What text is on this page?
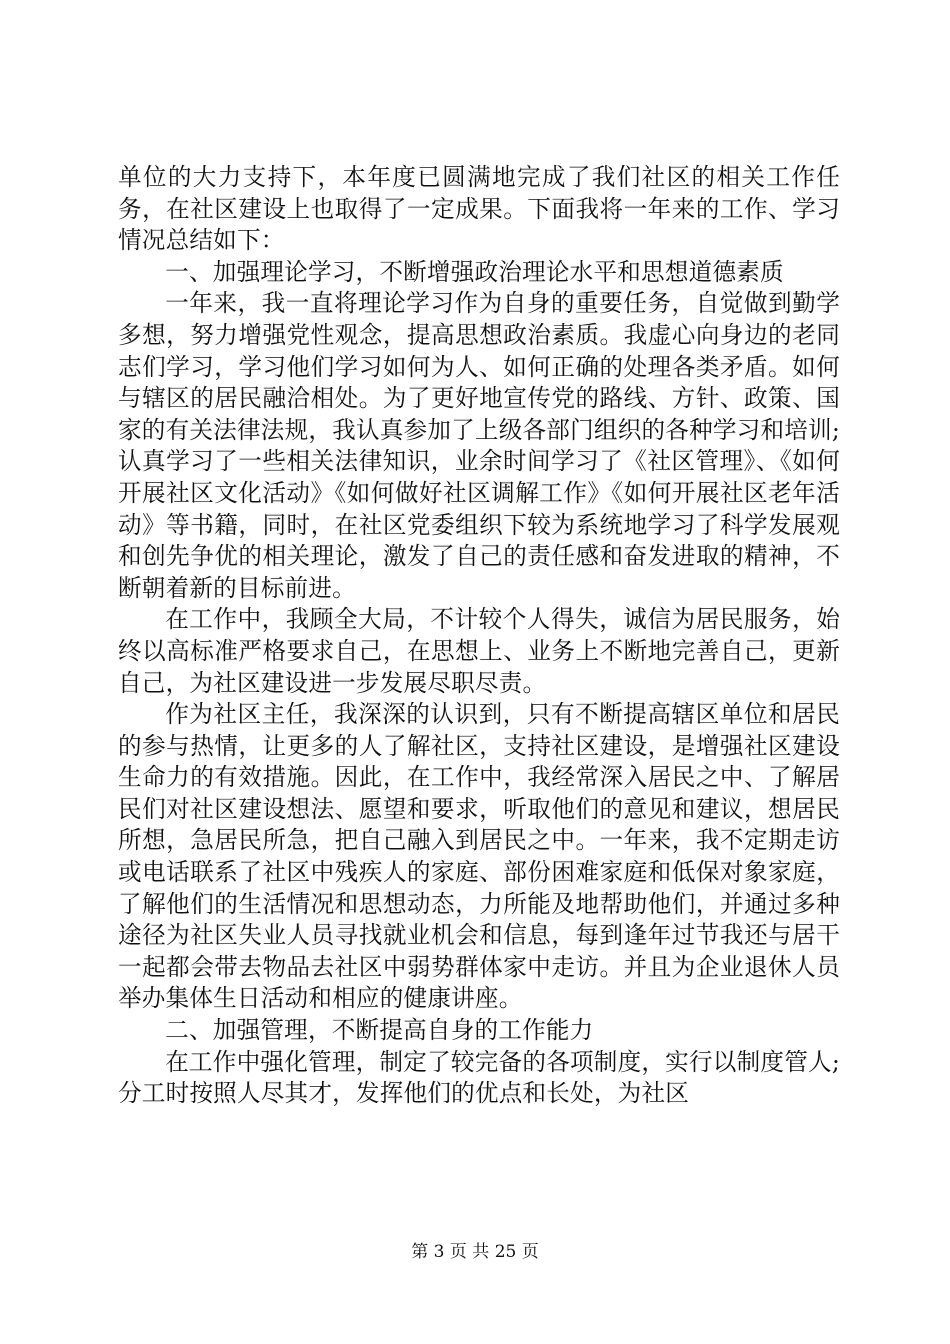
单位的大力支持下，本年度已圆满地完成了我们社区的相关工作任务，在社区建设上也取得了一定成果。下面我将一年来的工作、学习情况总结如下：

一、加强理论学习，不断增强政治理论水平和思想道德素质

一年来，我一直将理论学习作为自身的重要任务，自觉做到勤学多想，努力增强党性观念，提高思想政治素质。我虚心向身边的老同志们学习，学习他们学习如何为人、如何正确的处理各类矛盾。如何与辖区的居民融洽相处。为了更好地宣传党的路线、方针、政策、国家的有关法律法规，我认真参加了上级各部门组织的各种学习和培训;认真学习了一些相关法律知识，业余时间学习了《社区管理》、《如何开展社区文化活动》《如何做好社区调解工作》《如何开展社区老年活动》等书籍，同时，在社区党委组织下较为系统地学习了科学发展观和创先争优的相关理论，激发了自己的责任感和奋发进取的精神，不断朝着新的目标前进。

在工作中，我顾全大局，不计较个人得失，诚信为居民服务，始终以高标准严格要求自己，在思想上、业务上不断地完善自己，更新自己，为社区建设进一步发展尽职尽责。

作为社区主任，我深深的认识到，只有不断提高辖区单位和居民的参与热情，让更多的人了解社区，支持社区建设，是增强社区建设生命力的有效措施。因此，在工作中，我经常深入居民之中、了解居民们对社区建设想法、愿望和要求，听取他们的意见和建议，想居民所想，急居民所急，把自己融入到居民之中。一年来，我不定期走访或电话联系了社区中残疾人的家庭、部份困难家庭和低保对象家庭，了解他们的生活情况和思想动态，力所能及地帮助他们，并通过多种途径为社区失业人员寻找就业机会和信息，每到逢年过节我还与居干一起都会带去物品去社区中弱势群体家中走访。并且为企业退休人员举办集体生日活动和相应的健康讲座。

二、加强管理，不断提高自身的工作能力

在工作中强化管理，制定了较完备的各项制度，实行以制度管人;分工时按照人尽其才，发挥他们的优点和长处，为社区

第 3 页 共 25 页
